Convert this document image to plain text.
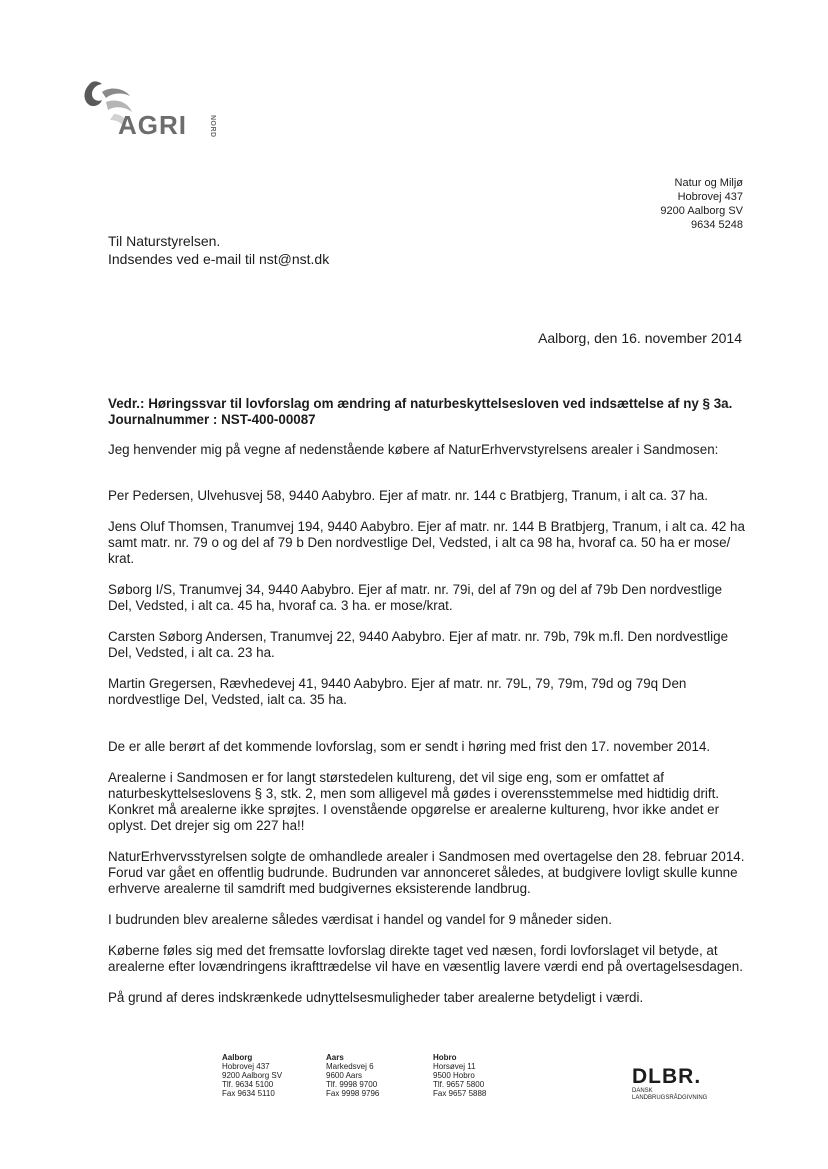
AGRI	NORD
Natur og Miljø
Hobrovej 437
9200 Aalborg SV
9634 5248
Til Naturstyrelsen.
Indsendes ved e-mail til nst@nst.dk
Aalborg, den 16. november 2014

Vedr.: Høringssvar til lovforslag om ændring af naturbeskyttelsesloven ved indsættelse af ny § 3a. Journalnummer : NST-400-00087

Jeg henvender mig på vegne af nedenstående købere af NaturErhvervstyrelsens arealer i Sandmosen:

Per Pedersen, Ulvehusvej 58, 9440 Aabybro. Ejer af matr. nr. 144 c Bratbjerg, Tranum, i alt ca. 37 ha.

Jens Oluf Thomsen, Tranumvej 194, 9440 Aabybro. Ejer af matr. nr. 144 B Bratbjerg, Tranum, i alt ca. 42 ha samt matr. nr. 79 o og del af 79 b Den nordvestlige Del, Vedsted, i alt ca 98 ha, hvoraf ca. 50 ha er mose/ krat.

Søborg I/S, Tranumvej 34, 9440 Aabybro. Ejer af matr. nr. 79i, del af 79n og del af 79b Den nordvestlige Del, Vedsted, i alt ca. 45 ha, hvoraf ca. 3 ha. er mose/krat.

Carsten Søborg Andersen, Tranumvej 22, 9440 Aabybro. Ejer af matr. nr. 79b, 79k m.fl. Den nordvestlige Del, Vedsted, i alt ca. 23 ha.

Martin Gregersen, Rævhedevej 41, 9440 Aabybro. Ejer af matr. nr. 79L, 79, 79m, 79d og 79q Den nordvestlige Del, Vedsted, ialt ca. 35 ha.

De er alle berørt af det kommende lovforslag, som er sendt i høring med frist den 17. november 2014.

Arealerne i Sandmosen er for langt størstedelen kultureng, det vil sige eng, som er omfattet af naturbeskyttelseslovens § 3, stk. 2, men som alligevel må gødes i overensstemmelse med hidtidig drift. Konkret må arealerne ikke sprøjtes. I ovenstående opgørelse er arealerne kultureng, hvor ikke andet er oplyst. Det drejer sig om 227 ha!!

NaturErhvervsstyrelsen solgte de omhandlede arealer i Sandmosen med overtagelse den 28. februar 2014. Forud var gået en offentlig budrunde. Budrunden var annonceret således, at budgivere lovligt skulle kunne erhverve arealerne til samdrift med budgivernes eksisterende landbrug.

I budrunden blev arealerne således værdisat i handel og vandel for 9 måneder siden.

Køberne føles sig med det fremsatte lovforslag direkte taget ved næsen, fordi lovforslaget vil betyde, at arealerne efter lovændringens ikrafttrædelse vil have en væsentlig lavere værdi end på overtagelsesdagen.

På grund af deres indskrænkede udnyttelsesmuligheder taber arealerne betydeligt i værdi.

Aalborg
Hobrovej 437
9200 Aalborg SV
Tlf. 9634 5100
Fax 9634 5110
Aars
Markedsvej 6
9600 Aars
Tlf. 9998 9700
Fax 9998 9796
Hobro
Horsøvej 11
9500 Hobro
Tlf. 9657 5800
Fax 9657 5888
DLBR.
DANSK
LANDBRUGSRÅDGIVNING
